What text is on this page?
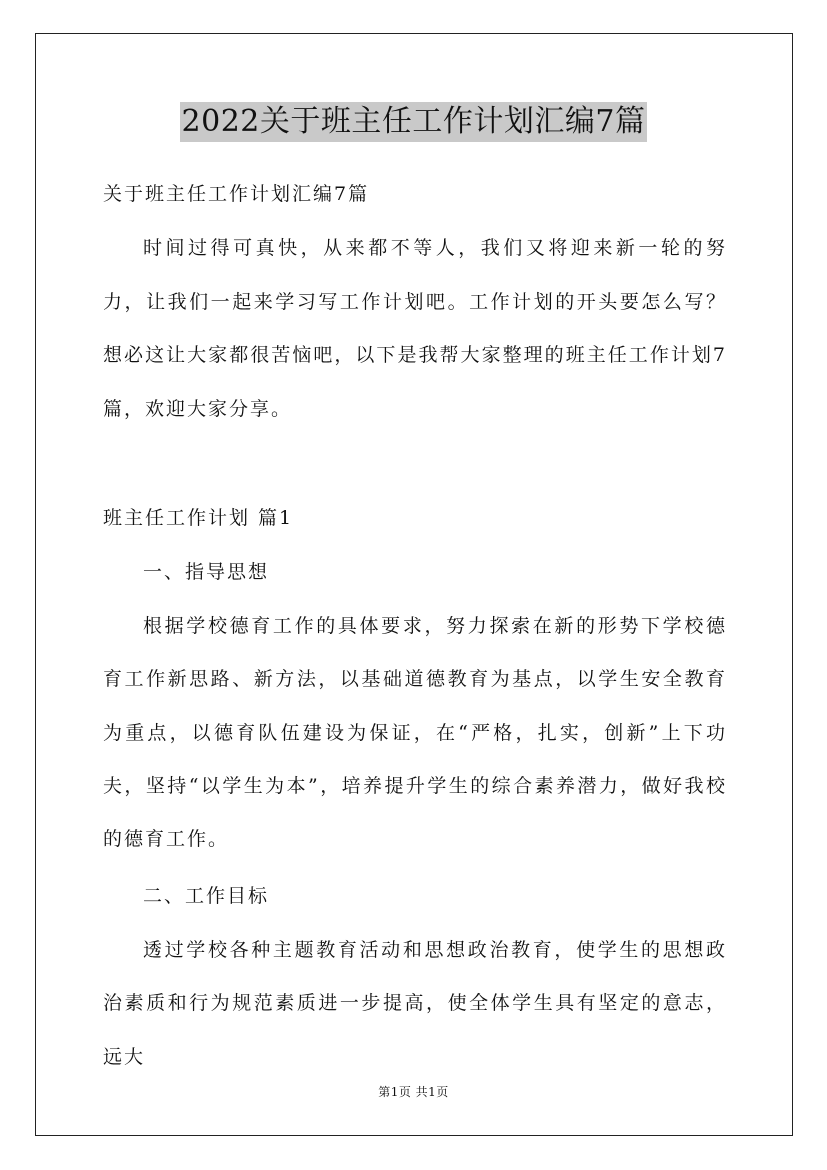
2022关于班主任工作计划汇编7篇
关于班主任工作计划汇编7篇
时间过得可真快，从来都不等人，我们又将迎来新一轮的努力，让我们一起来学习写工作计划吧。工作计划的开头要怎么写？想必这让大家都很苦恼吧，以下是我帮大家整理的班主任工作计划7篇，欢迎大家分享。
班主任工作计划 篇1
一、指导思想
根据学校德育工作的具体要求，努力探索在新的形势下学校德育工作新思路、新方法，以基础道德教育为基点，以学生安全教育为重点，以德育队伍建设为保证，在“严格，扎实，创新”上下功夫，坚持“以学生为本”，培养提升学生的综合素养潜力，做好我校的德育工作。
二、工作目标
透过学校各种主题教育活动和思想政治教育，使学生的思想政治素质和行为规范素质进一步提高，使全体学生具有坚定的意志，远大
第1页 共1页
